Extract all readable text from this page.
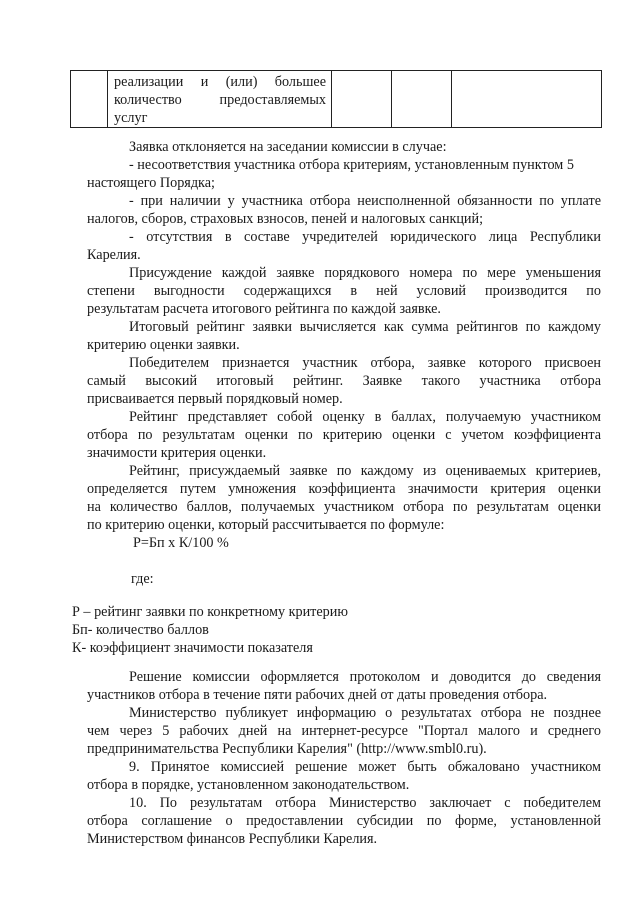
реализации и (или) большее
количество предоставляемых
услуг

Заявка отклоняется на заседании комиссии в случае:

- несоответствия участника отбора критериям, установленным пунктом 5

настоящего Порядка;

- при наличии у участника отбора неисполненной обязанности по уплате

налогов, сборов, страховых взносов, пеней и налоговых санкций;

- отсутствия в составе учредителей юридического лица Республики

Карелия.

Присуждение каждой заявке порядкового номера по мере уменьшения

степени выгодности содержащихся в ней условий производится по

результатам расчета итогового рейтинга по каждой заявке.

Итоговый рейтинг заявки вычисляется как сумма рейтингов по каждому

критерию оценки заявки.

Победителем признается участник отбора, заявке которого присвоен

самый высокий итоговый рейтинг. Заявке такого участника отбора

присваивается первый порядковый номер.

Рейтинг представляет собой оценку в баллах, получаемую участником

отбора по результатам оценки по критерию оценки с учетом коэффициента

значимости критерия оценки.

Рейтинг, присуждаемый заявке по каждому из оцениваемых критериев,

определяется путем умножения коэффициента значимости критерия оценки

на количество баллов, получаемых участником отбора по результатам оценки

по критерию оценки, который рассчитывается по формуле:

Р=Бп х К/100 %
где:

Р – рейтинг заявки по конкретному критерию

Бп- количество баллов

К- коэффициент значимости показателя

Решение комиссии оформляется протоколом и доводится до сведения

участников отбора в течение пяти рабочих дней от даты проведения отбора.

Министерство публикует информацию о результатах отбора не позднее

чем через 5 рабочих дней на интернет-ресурсе "Портал малого и среднего

предпринимательства Республики Карелия" (http://www.smbl0.ru).

9. Принятое комиссией решение может быть обжаловано участником

отбора в порядке, установленном законодательством.

10. По результатам отбора Министерство заключает с победителем

отбора соглашение о предоставлении субсидии по форме, установленной

Министерством финансов Республики Карелия.
